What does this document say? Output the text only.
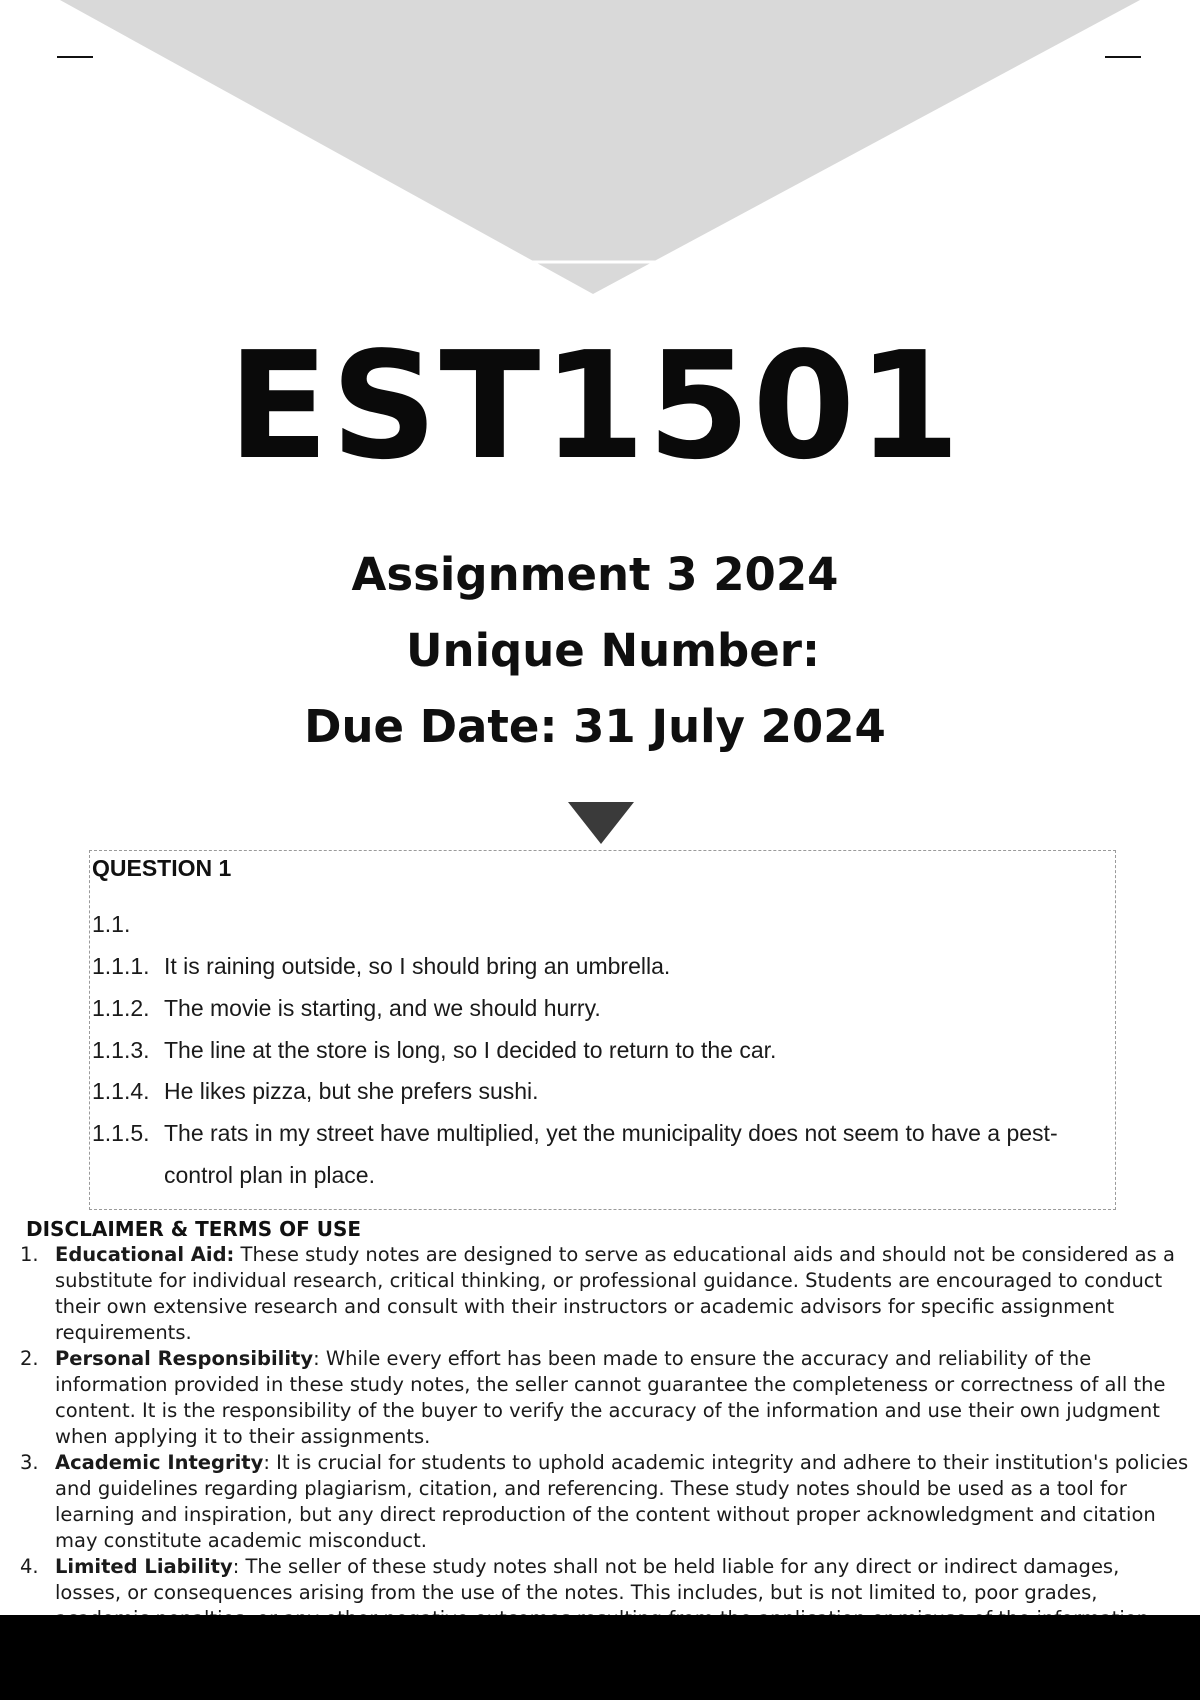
EST1501
Assignment 3 2024
Unique Number:
Due Date: 31 July 2024
QUESTION 1
1.1.
1.1.1. It is raining outside, so I should bring an umbrella.
1.1.2. The movie is starting, and we should hurry.
1.1.3. The line at the store is long, so I decided to return to the car.
1.1.4. He likes pizza, but she prefers sushi.
1.1.5. The rats in my street have multiplied, yet the municipality does not seem to have a pest-
control plan in place.
DISCLAIMER & TERMS OF USE
1. Educational Aid: These study notes are designed to serve as educational aids and should not be considered as a substitute for individual research, critical thinking, or professional guidance. Students are encouraged to conduct their own extensive research and consult with their instructors or academic advisors for specific assignment requirements.
2. Personal Responsibility: While every effort has been made to ensure the accuracy and reliability of the information provided in these study notes, the seller cannot guarantee the completeness or correctness of all the content. It is the responsibility of the buyer to verify the accuracy of the information and use their own judgment when applying it to their assignments.
3. Academic Integrity: It is crucial for students to uphold academic integrity and adhere to their institution's policies and guidelines regarding plagiarism, citation, and referencing. These study notes should be used as a tool for learning and inspiration, but any direct reproduction of the content without proper acknowledgment and citation may constitute academic misconduct.
4. Limited Liability: The seller of these study notes shall not be held liable for any direct or indirect damages, losses, or consequences arising from the use of the notes. This includes, but is not limited to, poor grades,
